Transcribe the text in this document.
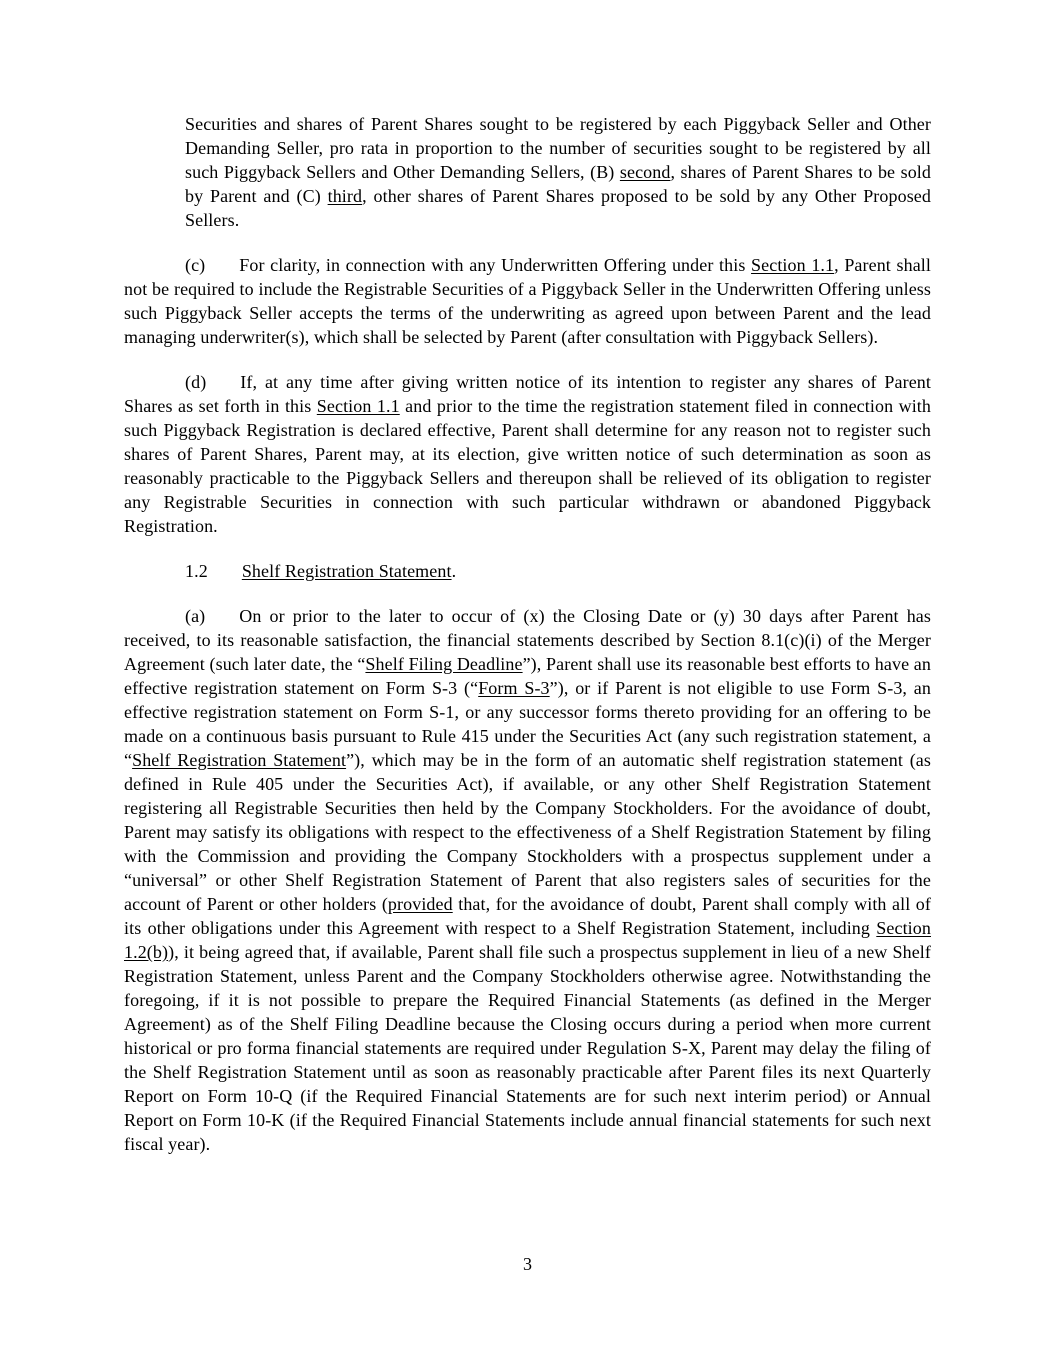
Securities and shares of Parent Shares sought to be registered by each Piggyback Seller and Other Demanding Seller, pro rata in proportion to the number of securities sought to be registered by all such Piggyback Sellers and Other Demanding Sellers, (B) second, shares of Parent Shares to be sold by Parent and (C) third, other shares of Parent Shares proposed to be sold by any Other Proposed Sellers.

(c) For clarity, in connection with any Underwritten Offering under this Section 1.1, Parent shall not be required to include the Registrable Securities of a Piggyback Seller in the Underwritten Offering unless such Piggyback Seller accepts the terms of the underwriting as agreed upon between Parent and the lead managing underwriter(s), which shall be selected by Parent (after consultation with Piggyback Sellers).

(d) If, at any time after giving written notice of its intention to register any shares of Parent Shares as set forth in this Section 1.1 and prior to the time the registration statement filed in connection with such Piggyback Registration is declared effective, Parent shall determine for any reason not to register such shares of Parent Shares, Parent may, at its election, give written notice of such determination as soon as reasonably practicable to the Piggyback Sellers and thereupon shall be relieved of its obligation to register any Registrable Securities in connection with such particular withdrawn or abandoned Piggyback Registration.

1.2 Shelf Registration Statement.

(a) On or prior to the later to occur of (x) the Closing Date or (y) 30 days after Parent has received, to its reasonable satisfaction, the financial statements described by Section 8.1(c)(i) of the Merger Agreement (such later date, the “Shelf Filing Deadline”), Parent shall use its reasonable best efforts to have an effective registration statement on Form S-3 (“Form S-3”), or if Parent is not eligible to use Form S-3, an effective registration statement on Form S-1, or any successor forms thereto providing for an offering to be made on a continuous basis pursuant to Rule 415 under the Securities Act (any such registration statement, a “Shelf Registration Statement”), which may be in the form of an automatic shelf registration statement (as defined in Rule 405 under the Securities Act), if available, or any other Shelf Registration Statement registering all Registrable Securities then held by the Company Stockholders. For the avoidance of doubt, Parent may satisfy its obligations with respect to the effectiveness of a Shelf Registration Statement by filing with the Commission and providing the Company Stockholders with a prospectus supplement under a “universal” or other Shelf Registration Statement of Parent that also registers sales of securities for the account of Parent or other holders (provided that, for the avoidance of doubt, Parent shall comply with all of its other obligations under this Agreement with respect to a Shelf Registration Statement, including Section 1.2(b)), it being agreed that, if available, Parent shall file such a prospectus supplement in lieu of a new Shelf Registration Statement, unless Parent and the Company Stockholders otherwise agree. Notwithstanding the foregoing, if it is not possible to prepare the Required Financial Statements (as defined in the Merger Agreement) as of the Shelf Filing Deadline because the Closing occurs during a period when more current historical or pro forma financial statements are required under Regulation S-X, Parent may delay the filing of the Shelf Registration Statement until as soon as reasonably practicable after Parent files its next Quarterly Report on Form 10-Q (if the Required Financial Statements are for such next interim period) or Annual Report on Form 10-K (if the Required Financial Statements include annual financial statements for such next fiscal year).

3
